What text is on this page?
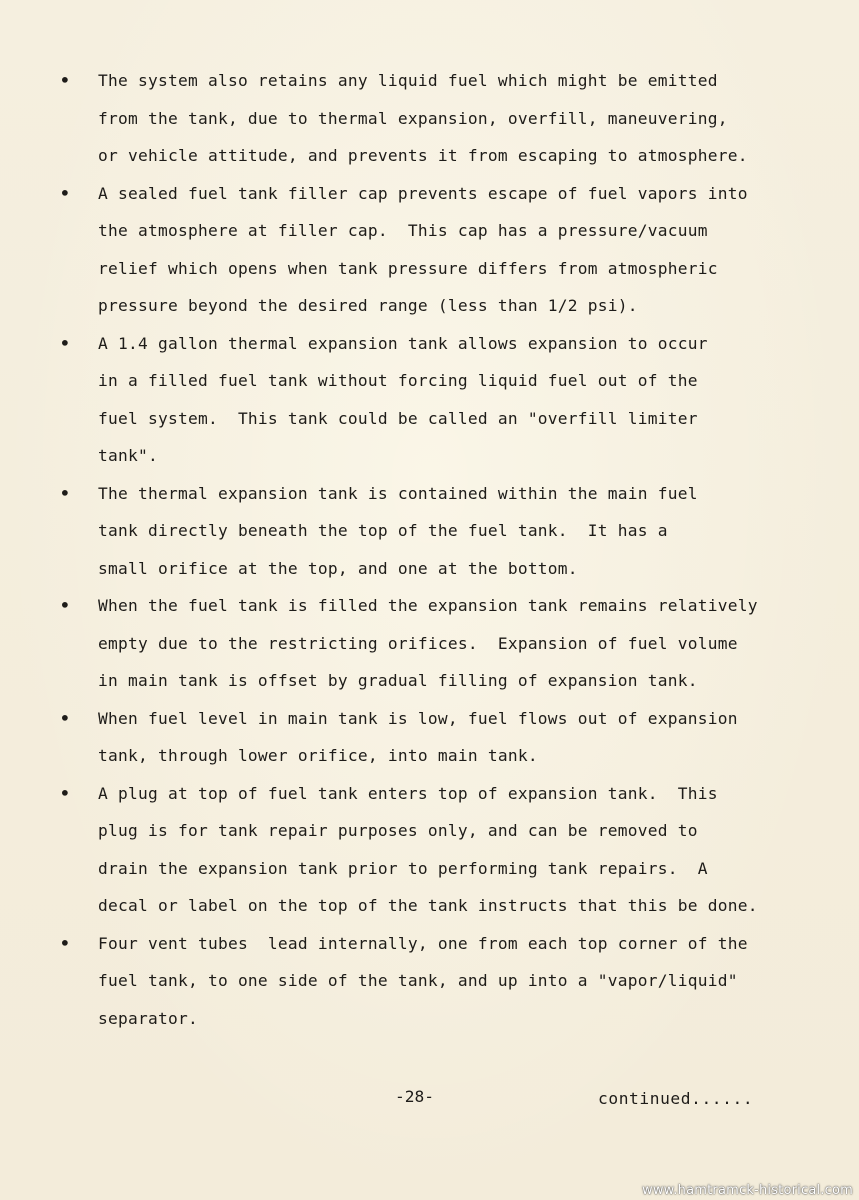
• The system also retains any liquid fuel which might be emitted
from the tank, due to thermal expansion, overfill, maneuvering,
or vehicle attitude, and prevents it from escaping to atmosphere.
• A sealed fuel tank filler cap prevents escape of fuel vapors into
the atmosphere at filler cap.  This cap has a pressure/vacuum
relief which opens when tank pressure differs from atmospheric
pressure beyond the desired range (less than 1/2 psi).
• A 1.4 gallon thermal expansion tank allows expansion to occur
in a filled fuel tank without forcing liquid fuel out of the
fuel system.  This tank could be called an "overfill limiter
tank".
• The thermal expansion tank is contained within the main fuel
tank directly beneath the top of the fuel tank.  It has a
small orifice at the top, and one at the bottom.
• When the fuel tank is filled the expansion tank remains relatively
empty due to the restricting orifices.  Expansion of fuel volume
in main tank is offset by gradual filling of expansion tank.
• When fuel level in main tank is low, fuel flows out of expansion
tank, through lower orifice, into main tank.
• A plug at top of fuel tank enters top of expansion tank.  This
plug is for tank repair purposes only, and can be removed to
drain the expansion tank prior to performing tank repairs.  A
decal or label on the top of the tank instructs that this be done.
• Four vent tubes  lead internally, one from each top corner of the
fuel tank, to one side of the tank, and up into a "vapor/liquid"
separator.
-28-	continued......
www.hamtramck-historical.com
